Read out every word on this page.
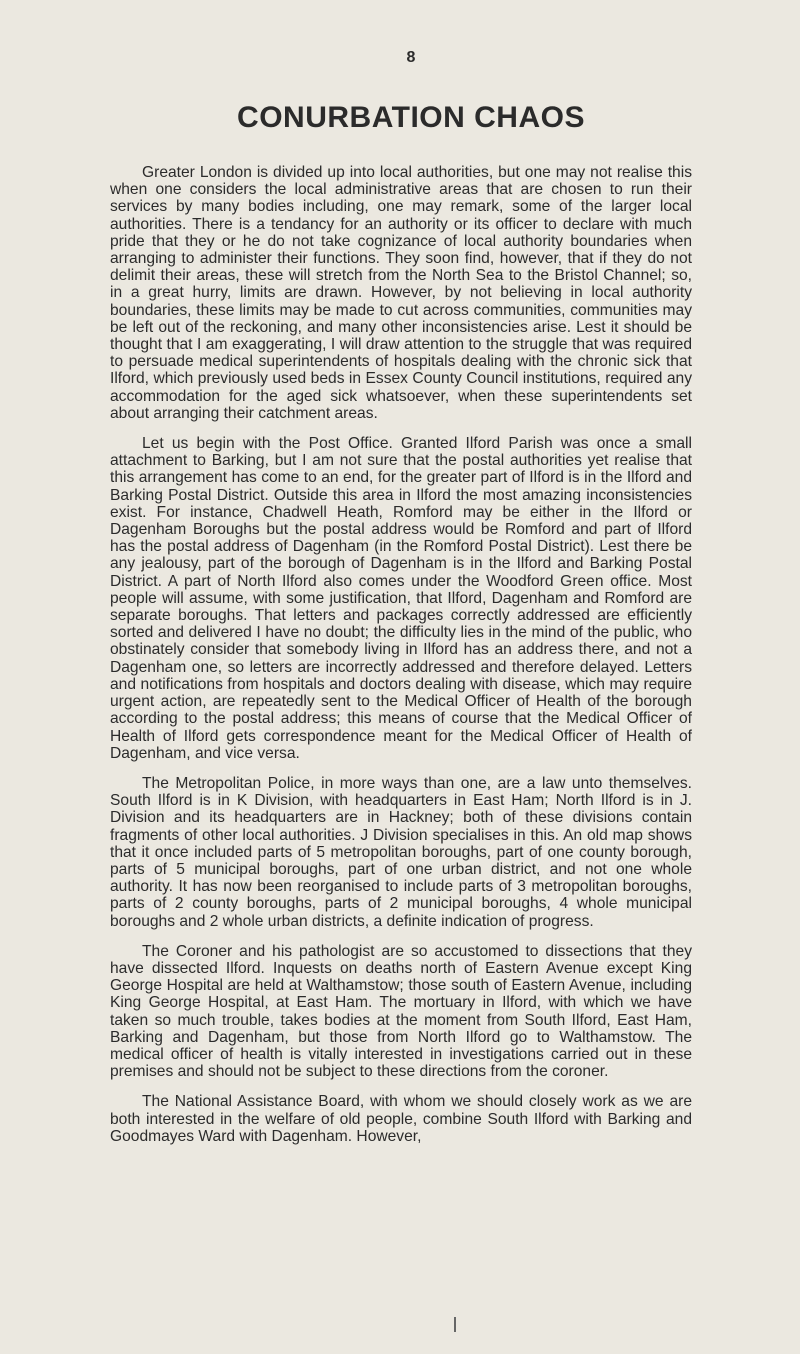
8
CONURBATION CHAOS

Greater London is divided up into local authorities, but one may not realise this when one considers the local administrative areas that are chosen to run their services by many bodies including, one may remark, some of the larger local authorities. There is a tendancy for an authority or its officer to declare with much pride that they or he do not take cognizance of local authority boundaries when arranging to administer their functions. They soon find, however, that if they do not delimit their areas, these will stretch from the North Sea to the Bristol Channel; so, in a great hurry, limits are drawn. However, by not believing in local authority boundaries, these limits may be made to cut across communities, communities may be left out of the reckoning, and many other inconsistencies arise. Lest it should be thought that I am exaggerating, I will draw attention to the struggle that was required to persuade medical superintendents of hospitals dealing with the chronic sick that Ilford, which previously used beds in Essex County Council institutions, required any accommodation for the aged sick whatsoever, when these superintendents set about arranging their catchment areas.

Let us begin with the Post Office. Granted Ilford Parish was once a small attachment to Barking, but I am not sure that the postal authorities yet realise that this arrangement has come to an end, for the greater part of Ilford is in the Ilford and Barking Postal District. Outside this area in Ilford the most amazing inconsistencies exist. For instance, Chadwell Heath, Romford may be either in the Ilford or Dagenham Boroughs but the postal address would be Romford and part of Ilford has the postal address of Dagenham (in the Romford Postal District). Lest there be any jealousy, part of the borough of Dagenham is in the Ilford and Barking Postal District. A part of North Ilford also comes under the Woodford Green office. Most people will assume, with some justification, that Ilford, Dagenham and Romford are separate boroughs. That letters and packages correctly addressed are efficiently sorted and delivered I have no doubt; the difficulty lies in the mind of the public, who obstinately consider that somebody living in Ilford has an address there, and not a Dagenham one, so letters are incorrectly addressed and therefore delayed. Letters and notifications from hospitals and doctors dealing with disease, which may require urgent action, are repeatedly sent to the Medical Officer of Health of the borough according to the postal address; this means of course that the Medical Officer of Health of Ilford gets correspondence meant for the Medical Officer of Health of Dagenham, and vice versa.

The Metropolitan Police, in more ways than one, are a law unto themselves. South Ilford is in K Division, with headquarters in East Ham; North Ilford is in J. Division and its headquarters are in Hackney; both of these divisions contain fragments of other local authorities. J Division specialises in this. An old map shows that it once included parts of 5 metropolitan boroughs, part of one county borough, parts of 5 municipal boroughs, part of one urban district, and not one whole authority. It has now been reorganised to include parts of 3 metropolitan boroughs, parts of 2 county boroughs, parts of 2 municipal boroughs, 4 whole municipal boroughs and 2 whole urban districts, a definite indication of progress.

The Coroner and his pathologist are so accustomed to dissections that they have dissected Ilford. Inquests on deaths north of Eastern Avenue except King George Hospital are held at Walthamstow; those south of Eastern Avenue, including King George Hospital, at East Ham. The mortuary in Ilford, with which we have taken so much trouble, takes bodies at the moment from South Ilford, East Ham, Barking and Dagenham, but those from North Ilford go to Walthamstow. The medical officer of health is vitally interested in investigations carried out in these premises and should not be subject to these directions from the coroner.

The National Assistance Board, with whom we should closely work as we are both interested in the welfare of old people, combine South Ilford with Barking and Goodmayes Ward with Dagenham. However,
